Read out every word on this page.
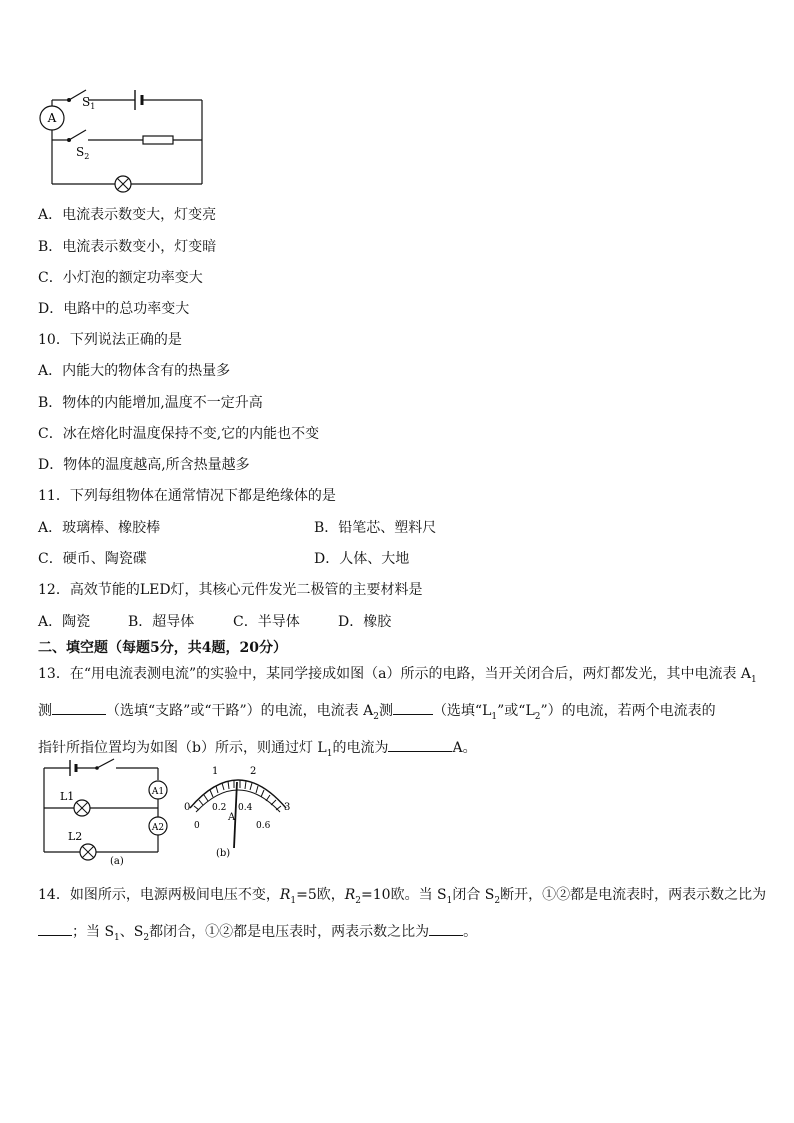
A
$S_1$
$S_2$
A．电流表示数变大，灯变亮
B．电流表示数变小，灯变暗
C．小灯泡的额定功率变大
D．电路中的总功率变大
10．下列说法正确的是
A．内能大的物体含有的热量多
B．物体的内能增加,温度不一定升高
C．冰在熔化时温度保持不变,它的内能也不变
D．物体的温度越高,所含热量越多
11．下列每组物体在通常情况下都是绝缘体的是
A．玻璃棒、橡胶棒	B．铅笔芯、塑料尺
C．硬币、陶瓷碟	D．人体、大地
12．高效节能的LED灯，其核心元件发光二极管的主要材料是
A．陶瓷	B．超导体	C．半导体	D．橡胶
二、填空题（每题5分，共4题，20分）
13．在“用电流表测电流”的实验中，某同学接成如图（a）所示的电路，当开关闭合后，两灯都发光，其中电流表 $A_1$
测	（选填“支路”或“干路”）的电流，电流表 $A_2$测	（选填“$L_1$”或“$L_2$”）的电流，若两个电流表的
指针所指位置均为如图（b）所示，则通过灯 $L_1$的电流为	A。
A1
A2
L1
L2
(a)
0
1	2
3
0
0.2 0.4
0.6
A
(b)
14．如图所示，电源两极间电压不变，$R_1=5$欧，$R_2=10$欧。当 $S_1$闭合 $S_2$断开，①②都是电流表时，两表示数之比为
；当 $S_1$、$S_2$都闭合，①②都是电压表时，两表示数之比为 。
